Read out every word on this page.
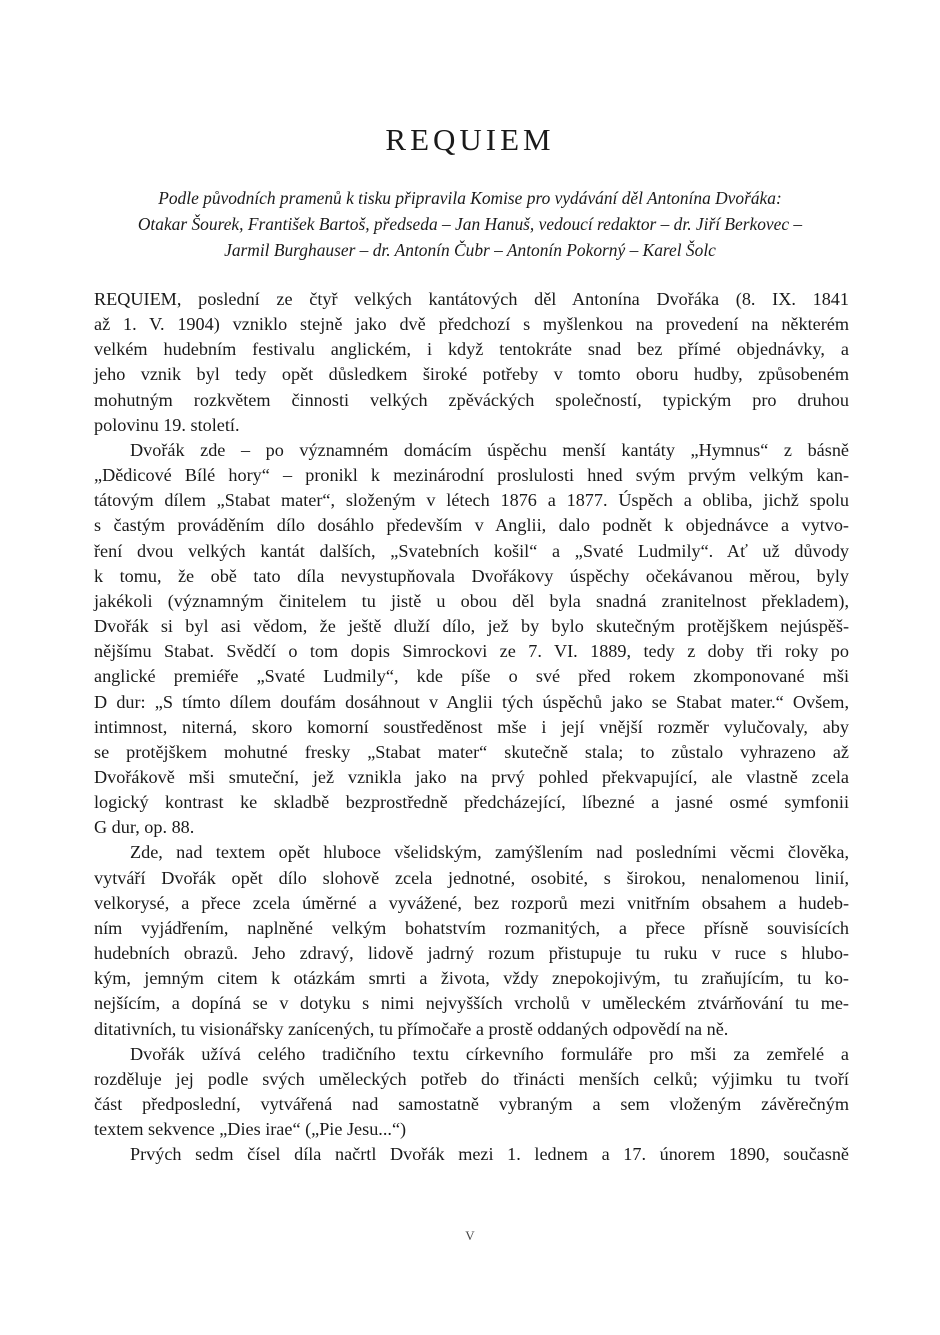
REQUIEM
Podle původních pramenů k tisku připravila Komise pro vydávání děl Antonína Dvořáka:
Otakar Šourek, František Bartoš, předseda – Jan Hanuš, vedoucí redaktor – dr. Jiří Berkovec –
Jarmil Burghauser – dr. Antonín Čubr – Antonín Pokorný – Karel Šolc

REQUIEM, poslední ze čtyř velkých kantátových děl Antonína Dvořáka (8. IX. 1841
až 1. V. 1904) vzniklo stejně jako dvě předchozí s myšlenkou na provedení na některém
velkém hudebním festivalu anglickém, i když tentokráte snad bez přímé objednávky, a
jeho vznik byl tedy opět důsledkem široké potřeby v tomto oboru hudby, způsobeném
mohutným rozkvětem činnosti velkých zpěváckých společností, typickým pro druhou
polovinu 19. století.

Dvořák zde – po významném domácím úspěchu menší kantáty „Hymnus“ z básně
„Dědicové Bílé hory“ – pronikl k mezinárodní proslulosti hned svým prvým velkým kan-
tátovým dílem „Stabat mater“, složeným v létech 1876 a 1877. Úspěch a obliba, jichž spolu
s častým prováděním dílo dosáhlo především v Anglii, dalo podnět k objednávce a vytvo-
ření dvou velkých kantát dalších, „Svatebních košil“ a „Svaté Ludmily“. Ať už důvody
k tomu, že obě tato díla nevystupňovala Dvořákovy úspěchy očekávanou měrou, byly
jakékoli (významným činitelem tu jistě u obou děl byla snadná zranitelnost překladem),
Dvořák si byl asi vědom, že ještě dluží dílo, jež by bylo skutečným protějškem nejúspěš-
nějšímu Stabat. Svědčí o tom dopis Simrockovi ze 7. VI. 1889, tedy z doby tři roky po
anglické premiéře „Svaté Ludmily“, kde píše o své před rokem zkomponované mši
D dur: „S tímto dílem doufám dosáhnout v Anglii tých úspěchů jako se Stabat mater.“ Ovšem,
intimnost, niterná, skoro komorní soustředěnost mše i její vnější rozměr vylučovaly, aby
se protějškem mohutné fresky „Stabat mater“ skutečně stala; to zůstalo vyhrazeno až
Dvořákově mši smuteční, jež vznikla jako na prvý pohled překvapující, ale vlastně zcela
logický kontrast ke skladbě bezprostředně předcházející, líbezné a jasné osmé symfonii
G dur, op. 88.

Zde, nad textem opět hluboce všelidským, zamýšlením nad posledními věcmi člověka,
vytváří Dvořák opět dílo slohově zcela jednotné, osobité, s širokou, nenalomenou linií,
velkorysé, a přece zcela úměrné a vyvážené, bez rozporů mezi vnitřním obsahem a hudeb-
ním vyjádřením, naplněné velkým bohatstvím rozmanitých, a přece přísně souvisících
hudebních obrazů. Jeho zdravý, lidově jadrný rozum přistupuje tu ruku v ruce s hlubo-
kým, jemným citem k otázkám smrti a života, vždy znepokojivým, tu zraňujícím, tu ko-
nejšícím, a dopíná se v dotyku s nimi nejvyšších vrcholů v uměleckém ztvárňování tu me-
ditativních, tu visionářsky zanícených, tu přímočaře a prostě oddaných odpovědí na ně.

Dvořák užívá celého tradičního textu církevního formuláře pro mši za zemřelé a
rozděluje jej podle svých uměleckých potřeb do třinácti menších celků; výjimku tu tvoří
část předposlední, vytvářená nad samostatně vybraným a sem vloženým závěrečným
textem sekvence „Dies irae“ („Pie Jesu...“)

Prvých sedm čísel díla načrtl Dvořák mezi 1. lednem a 17. únorem 1890, současně

V
